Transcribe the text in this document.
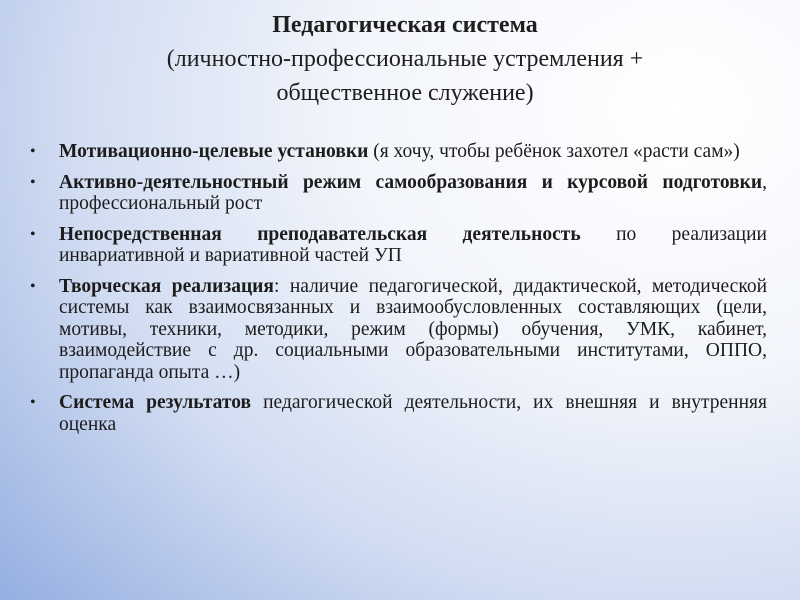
Педагогическая система
(личностно-профессиональные устремления +
общественное служение)
• Мотивационно-целевые установки (я хочу, чтобы ребёнок захотел «расти сам»)
• Активно-деятельностный режим самообразования и курсовой подготовки, профессиональный рост
• Непосредственная преподавательская деятельность по реализации инвариативной и вариативной частей УП
• Творческая реализация: наличие педагогической, дидактической, методической системы как взаимосвязанных и взаимообусловленных составляющих (цели, мотивы, техники, методики, режим (формы) обучения, УМК, кабинет, взаимодействие с др. социальными образовательными институтами, ОППО, пропаганда опыта …)
• Система результатов педагогической деятельности, их внешняя и внутренняя оценка
